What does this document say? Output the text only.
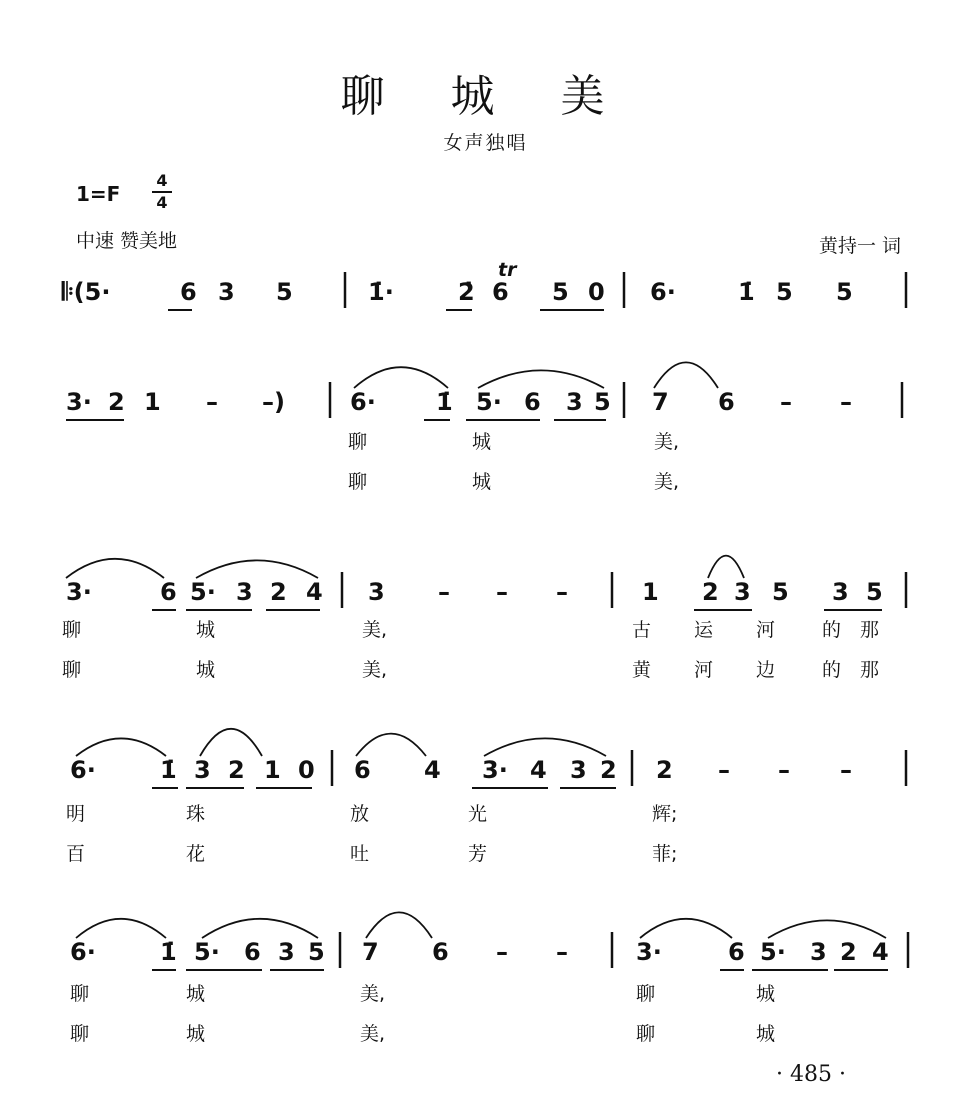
聊 城 美
女声独唱
1=F
4
4
中速 赞美地	黄持一 词
𝄆(5·	6 3 5	1̇·	2̇ 6 5 0 6·	1̇ 5 5
tr
3· 2 1 – –)	6·	1̇ 5· 6 3 5 7 6 – –
聊	城	美,
聊	城	美,
3·	6 5· 3 2 4 3 – – –	1 2 3 5 3 5
聊	城	美,	古 运 河 的 那
聊	城	美,	黄 河 边 的 那
6·	1̇ 3 2 1 0 6 4 3· 4 3 2 2 – – –
明	珠	放	光	辉;
百	花	吐	芳	菲;
6·	1̇ 5· 6 3 5 7 6 – –	3·	6 5· 3 2 4
聊	城	美,	聊	城
聊	城	美,	聊	城
· 485 ·
